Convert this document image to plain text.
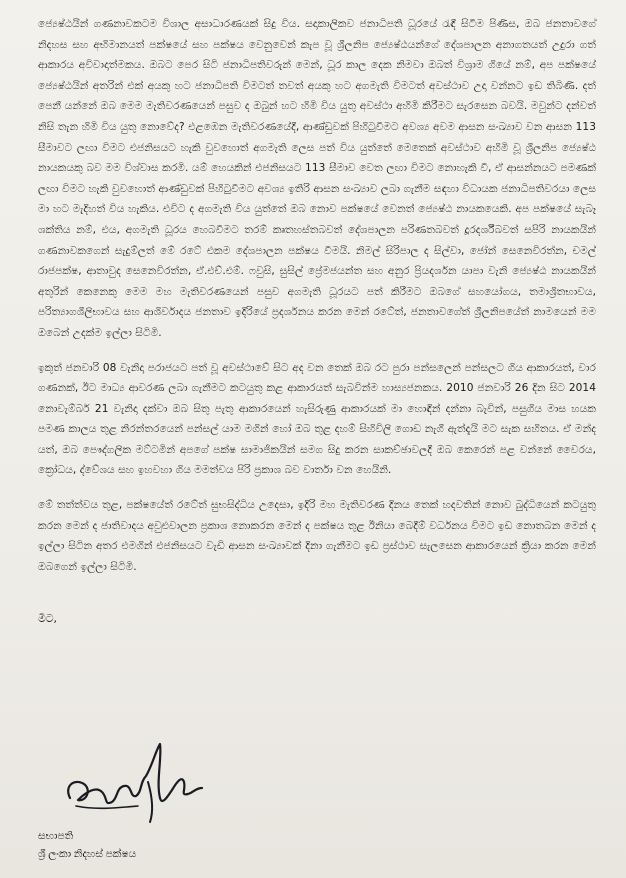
ජ්‍යෙෂ්ඨයින් ගණනාවකටම විශාල අසාධාරණයක් සිදු විය. සදාකාලිකව ජනාධිපති ධූරයේ රැඳී සිටීම පිණිස, ඔබ ජනතාවගේ නිදහස සහ අභිමානයත් පක්ෂයේ සහ පක්ෂය වෙනුවෙන් කැප වූ ශ්‍රීලනිප ජ්‍යෙෂ්ඨයන්ගේ දේශපාලන අනාගතයත් උදුරා ගත් ආකාරය අවිවාදාත්මකය. ඔබට පෙර සිටි ජනාධිපතිවරුන් මෙන්, ධූර කාල දෙක නිමවා ඔබත් විශ්‍රාම ගියේ නම්, අප පක්ෂයේ ජ්‍යෙෂ්ඨයින් අතරින් එක් අයකු හට ජනාධිපති විමටත් තවත් අයකු හට අගමැති විමටත් අවස්ථාව උදා වන්නට ඉඩ තිබිණි. දත් පෙනී යන්නේ ඔබ මෙම මැතිවරණයෙන් පසුව ද ඔබුන් හට හිමි විය යුතු අවස්ථා අහිමි කිරීමට සැරසෙන බවයි. මවුන්ට දන්වත් නිසි තැන හිමි විය යුතු නොවේද? එළඹෙන මැතිවරණයේදී, ආණ්ඩුවක් පිහිටුවීමට අවශ්‍ය අවම ආසන සංඛ්‍යාව වන ආසන 113 සීමාවට ලඟා විමට එජනිසයට හැකි වුවහොත් අගමැති ලෙස පත් විය යුත්තේ මෙතෙක් අවස්ථාව අහිමි වූ ශ්‍රීලනිප ජ්‍යෙෂ්ඨ නායකයකු බව මම විශ්වාස කරමි. යම් හෙයකින් එජනිසයට 113 සීමාව වෙත ලඟා විමට නොහැකි වී, ඒ ආසන්නයට පමණක් ලඟා විමට හැකි වුවහොත් ආණ්ඩුවක් පිහිටුවීමට අවශ්‍ය ඉතිරි ආසන සංඛ්‍යාව ලබා ගැනීම සඳහා විධායක ජනාධිපතිවරයා ලෙස මා හට මැදිහත් විය හැකිය. එවිට ද අගමැති විය යුත්තේ ඔබ නොව පක්ෂයේ වෙනත් ජ්‍යෙෂ්ඨ නායකයෙකි. අප පක්ෂයේ සැබෑ ශක්තිය නම්, එය, අගමැති ධූරය හෙබවීමට තරම් කෘතහස්තබවත් දේශපාලන පරිණතබවත් දූරදර්ශීබවත් සපිරි නායකයින් ගණනාවකගෙන් සැදුම්ලත් මේ රටේ එකම දේශපාලන පක්ෂය වීමයි. නිමල් සිරිපාල ද සිල්වා, ජෝන් සෙනෙවිරත්න, චමල් රාජපක්ෂ, ආතාවුද සෙනෙවිරත්න, ඒ.එච්.එම්. ෆවුසි, සුසිල් ප්‍රේමජයන්ත සහ අනුර ප්‍රියදර්ශන යාපා වැනි ජ්‍යෙෂ්ඨ නායකයින් අතුරින් කෙනෙකු මෙම මහ මැතිවරණයෙන් පසුව අගමැති ධූරයට පත් කිරීමට ඔබගේ සහයෝගය, තමාශ්‍රිතභාවය, පරිත්‍යාගශීලිභාවය සහ ආශිර්වාදය ජනතාව ඉදිරියේ ප්‍රදර්ශනය කරන මෙන් රටේත්, ජනතාවගේත් ශ්‍රීලනිපයේත් නාමයෙන් මම ඔබෙන් උදක්ම ඉල්ලා සිටිමි.

ඉකුත් ජනවාරි 08 වැනිදා පරාජයට පත් වූ අවස්ථාවේ සිට අද වන තෙක් ඔබ රට පුරා පන්සලෙන් පන්සලට ගිය ආකාරයත්, වාර ගණනක්, ඊට මාධ්‍ය ආවරණ ලබා ගැනීමට කටයුතු කළ ආකාරයත් සැබවින්ම හාස්‍යජනකය. 2010 ජනවාරි 26 දින සිට 2014 නොවැම්බර් 21 වැනිදා දක්වා ඔබ සිතු පැතු ආකාරයෙන් හැසිරුණු ආකාරයක් මා හොඳින් දන්නා බැවින්, පසුගිය මාස හයක පමණ කාලය තුළ නිරන්තරයෙන් පන්සල් යාම මගින් හෝ ඔබ තුළ දහම් සිහිවිලි ගොඩ නැගී ඇත්දැයි මට සැක සහිතය. ඒ මන්ද යත්, ඔබ පෞද්ගලික මට්ටමින් අපගේ පක්ෂ සාමාජිකයින් සමග සිදු කරන සාකච්ඡාවලදී ඔබ කෙරෙන් පළ වන්නේ වෛරය, ක්‍රෝධය, ද්වේශය සහ ඉහවහා ගිය මමත්වය පිරි ප්‍රකාශ බව වාර්තා වන හෙයිනි.

මේ තත්ත්වය තුළ, පක්ෂයේත් රටේත් සුභසිද්ධිය උදෙසා, ඉදිරි මහ මැතිවරණ දිනය තෙක් හදවතින් නොව බුද්ධියෙන් කටයුතු කරන මෙන් ද ජාතිවාදය අවුළුවාලන ප්‍රකාශ නොකරන මෙන් ද පක්ෂය තුළ ඊනියා බෙදීම් වර්ධනය විමට ඉඩ නොතබන මෙන් ද ඉල්ලා සිටින අතර එමගින් එජනිසයට වැඩි ආසන සංඛ්‍යාවක් දිනා ගැනීමට ඉඩ ප්‍රස්ථාව සැලසෙන ආකාරයෙන් ක්‍රියා කරන මෙන් ඔබගෙන් ඉල්ලා සිටිමි.

මීට,
සභාපති
ශ්‍රී ලංකා නිදහස් පක්ෂය
